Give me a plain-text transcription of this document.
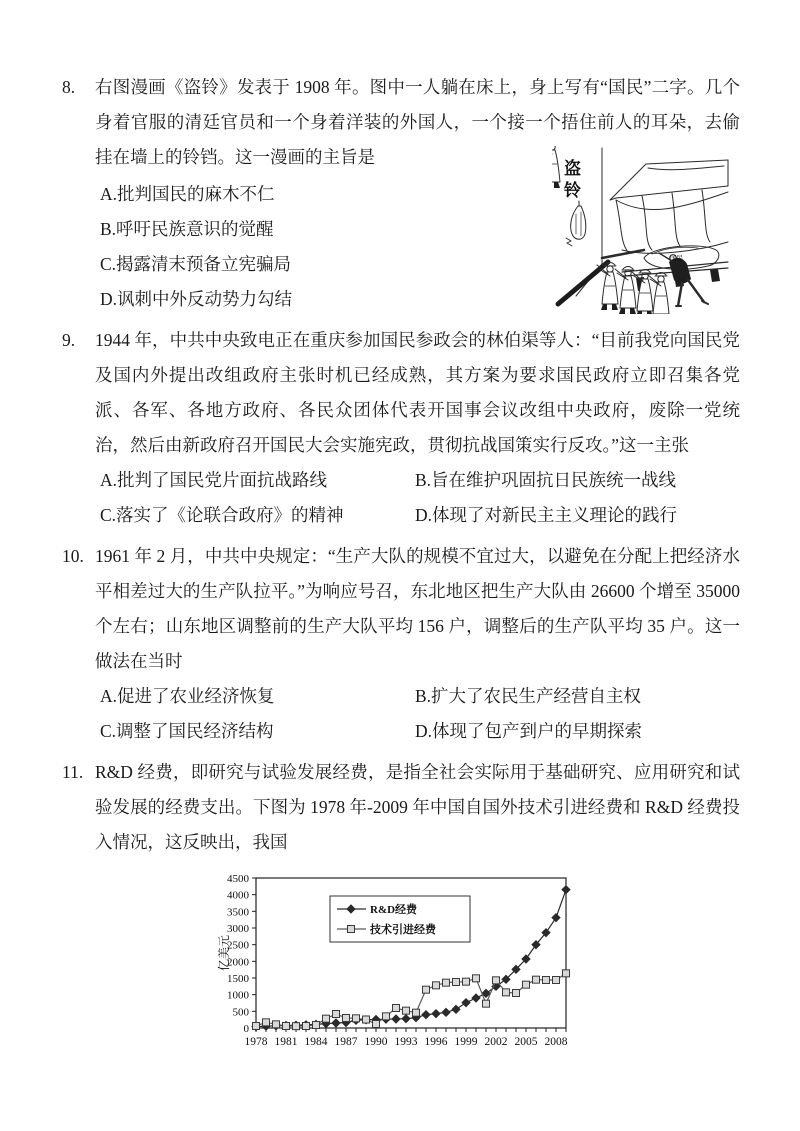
8.	右图漫画《盗铃》发表于 1908 年。图中一人躺在床上，身上写有“国民”二字。几个身着官服的清廷官员和一个身着洋装的外国人，一个接一个捂住前人的耳朵，去偷挂在墙上的铃铛。这一漫画的主旨是
A.批判国民的麻木不仁
B.呼吁民族意识的觉醒
C.揭露清末预备立宪骗局
D.讽刺中外反动势力勾结
9.	1944 年，中共中央致电正在重庆参加国民参政会的林伯渠等人：“目前我党向国民党及国内外提出改组政府主张时机已经成熟，其方案为要求国民政府立即召集各党派、各军、各地方政府、各民众团体代表开国事会议改组中央政府，废除一党统治，然后由新政府召开国民大会实施宪政，贯彻抗战国策实行反攻。”这一主张
A.批判了国民党片面抗战路线	B.旨在维护巩固抗日民族统一战线
C.落实了《论联合政府》的精神	D.体现了对新民主主义理论的践行
10. 1961 年 2 月，中共中央规定：“生产大队的规模不宜过大，以避免在分配上把经济水平相差过大的生产队拉平。”为响应号召，东北地区把生产大队由 26600 个增至 35000 个左右；山东地区调整前的生产大队平均 156 户，调整后的生产队平均 35 户。这一做法在当时
A.促进了农业经济恢复	B.扩大了农民生产经营自主权
C.调整了国民经济结构	D.体现了包产到户的早期探索
11. R&D 经费，即研究与试验发展经费，是指全社会实际用于基础研究、应用研究和试验发展的经费支出。下图为 1978 年-2009 年中国自国外技术引进经费和 R&D 经费投入情况，这反映出，我国
0
500
1000
1500
2000
2500
3000
3500
4000
4500
1978 1981 1984 1987 1990 1993 1996 1999 2002 2005 2008
亿美元
R&D经费
技术引进经费
盗
铃
国民
